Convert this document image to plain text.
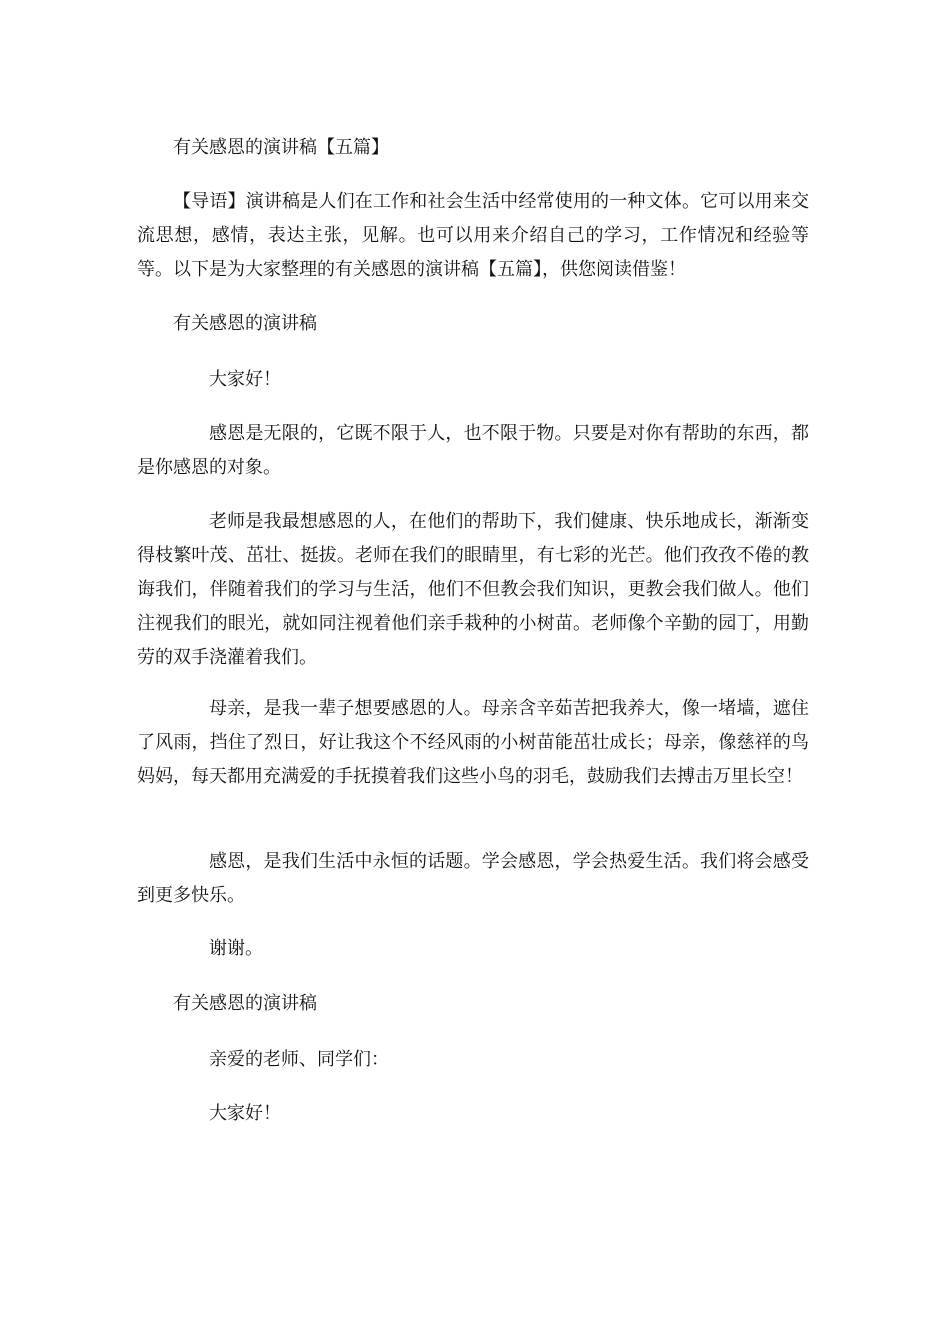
有关感恩的演讲稿【五篇】

【导语】演讲稿是人们在工作和社会生活中经常使用的一种文体。它可以用来交流思想，感情，表达主张，见解。也可以用来介绍自己的学习，工作情况和经验等等。以下是为大家整理的有关感恩的演讲稿【五篇】，供您阅读借鉴！

有关感恩的演讲稿

大家好！

感恩是无限的，它既不限于人，也不限于物。只要是对你有帮助的东西，都是你感恩的对象。

老师是我最想感恩的人，在他们的帮助下，我们健康、快乐地成长，渐渐变得枝繁叶茂、茁壮、挺拔。老师在我们的眼睛里，有七彩的光芒。他们孜孜不倦的教诲我们，伴随着我们的学习与生活，他们不但教会我们知识，更教会我们做人。他们注视我们的眼光，就如同注视着他们亲手栽种的小树苗。老师像个辛勤的园丁，用勤劳的双手浇灌着我们。

母亲，是我一辈子想要感恩的人。母亲含辛茹苦把我养大，像一堵墙，遮住了风雨，挡住了烈日，好让我这个不经风雨的小树苗能茁壮成长；母亲，像慈祥的鸟妈妈，每天都用充满爱的手抚摸着我们这些小鸟的羽毛，鼓励我们去搏击万里长空！

感恩，是我们生活中永恒的话题。学会感恩，学会热爱生活。我们将会感受到更多快乐。

谢谢。

有关感恩的演讲稿

亲爱的老师、同学们：

大家好！
